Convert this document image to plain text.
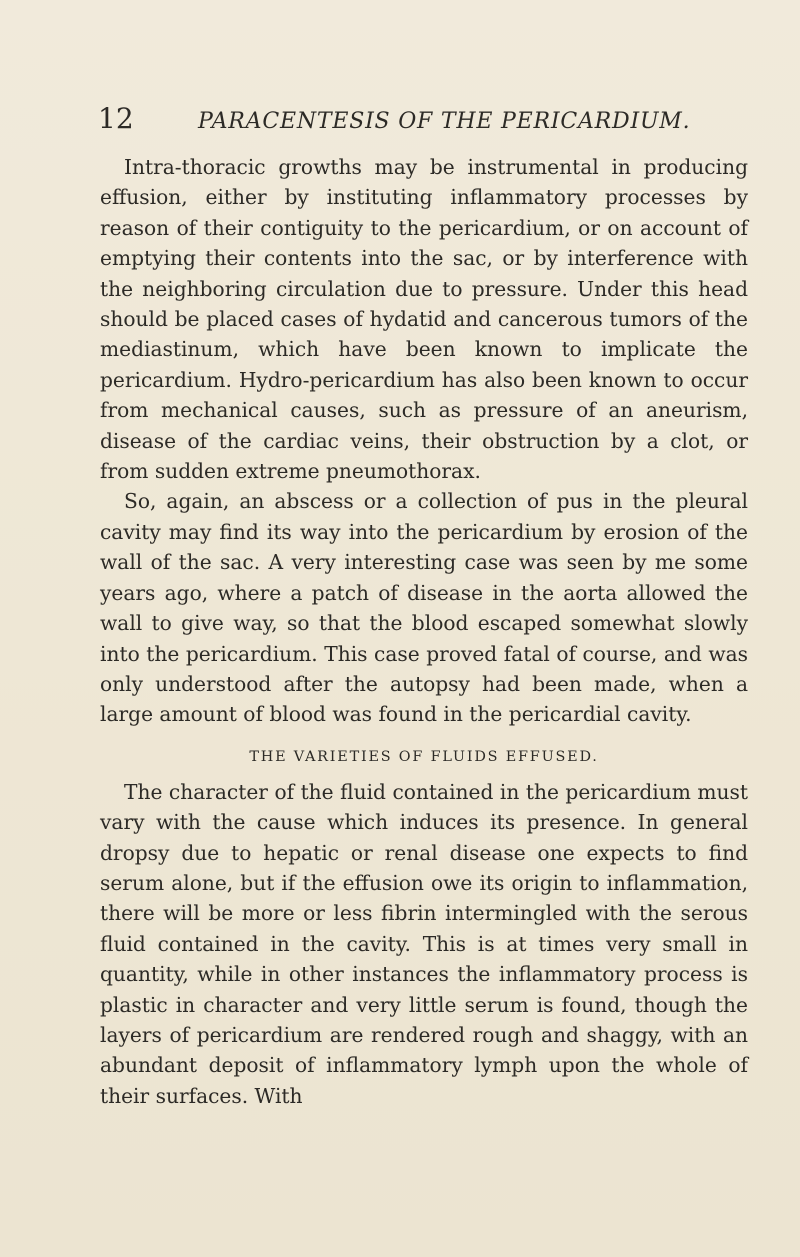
12	PARACENTESIS OF THE PERICARDIUM.

Intra-thoracic growths may be instrumental in producing effusion, either by instituting inflammatory processes by reason of their contiguity to the pericardium, or on account of emptying their contents into the sac, or by interference with the neighboring circulation due to pressure. Under this head should be placed cases of hydatid and cancerous tumors of the mediastinum, which have been known to implicate the pericardium. Hydro-pericardium has also been known to occur from mechanical causes, such as pressure of an aneurism, disease of the cardiac veins, their obstruction by a clot, or from sudden extreme pneumothorax.

So, again, an abscess or a collection of pus in the pleural cavity may find its way into the pericardium by erosion of the wall of the sac. A very interesting case was seen by me some years ago, where a patch of disease in the aorta allowed the wall to give way, so that the blood escaped somewhat slowly into the pericardium. This case proved fatal of course, and was only understood after the autopsy had been made, when a large amount of blood was found in the pericardial cavity.

THE VARIETIES OF FLUIDS EFFUSED.

The character of the fluid contained in the pericardium must vary with the cause which induces its presence. In general dropsy due to hepatic or renal disease one expects to find serum alone, but if the effusion owe its origin to inflammation, there will be more or less fibrin intermingled with the serous fluid contained in the cavity. This is at times very small in quantity, while in other instances the inflammatory process is plastic in character and very little serum is found, though the layers of pericardium are rendered rough and shaggy, with an abundant deposit of inflammatory lymph upon the whole of their surfaces. With
